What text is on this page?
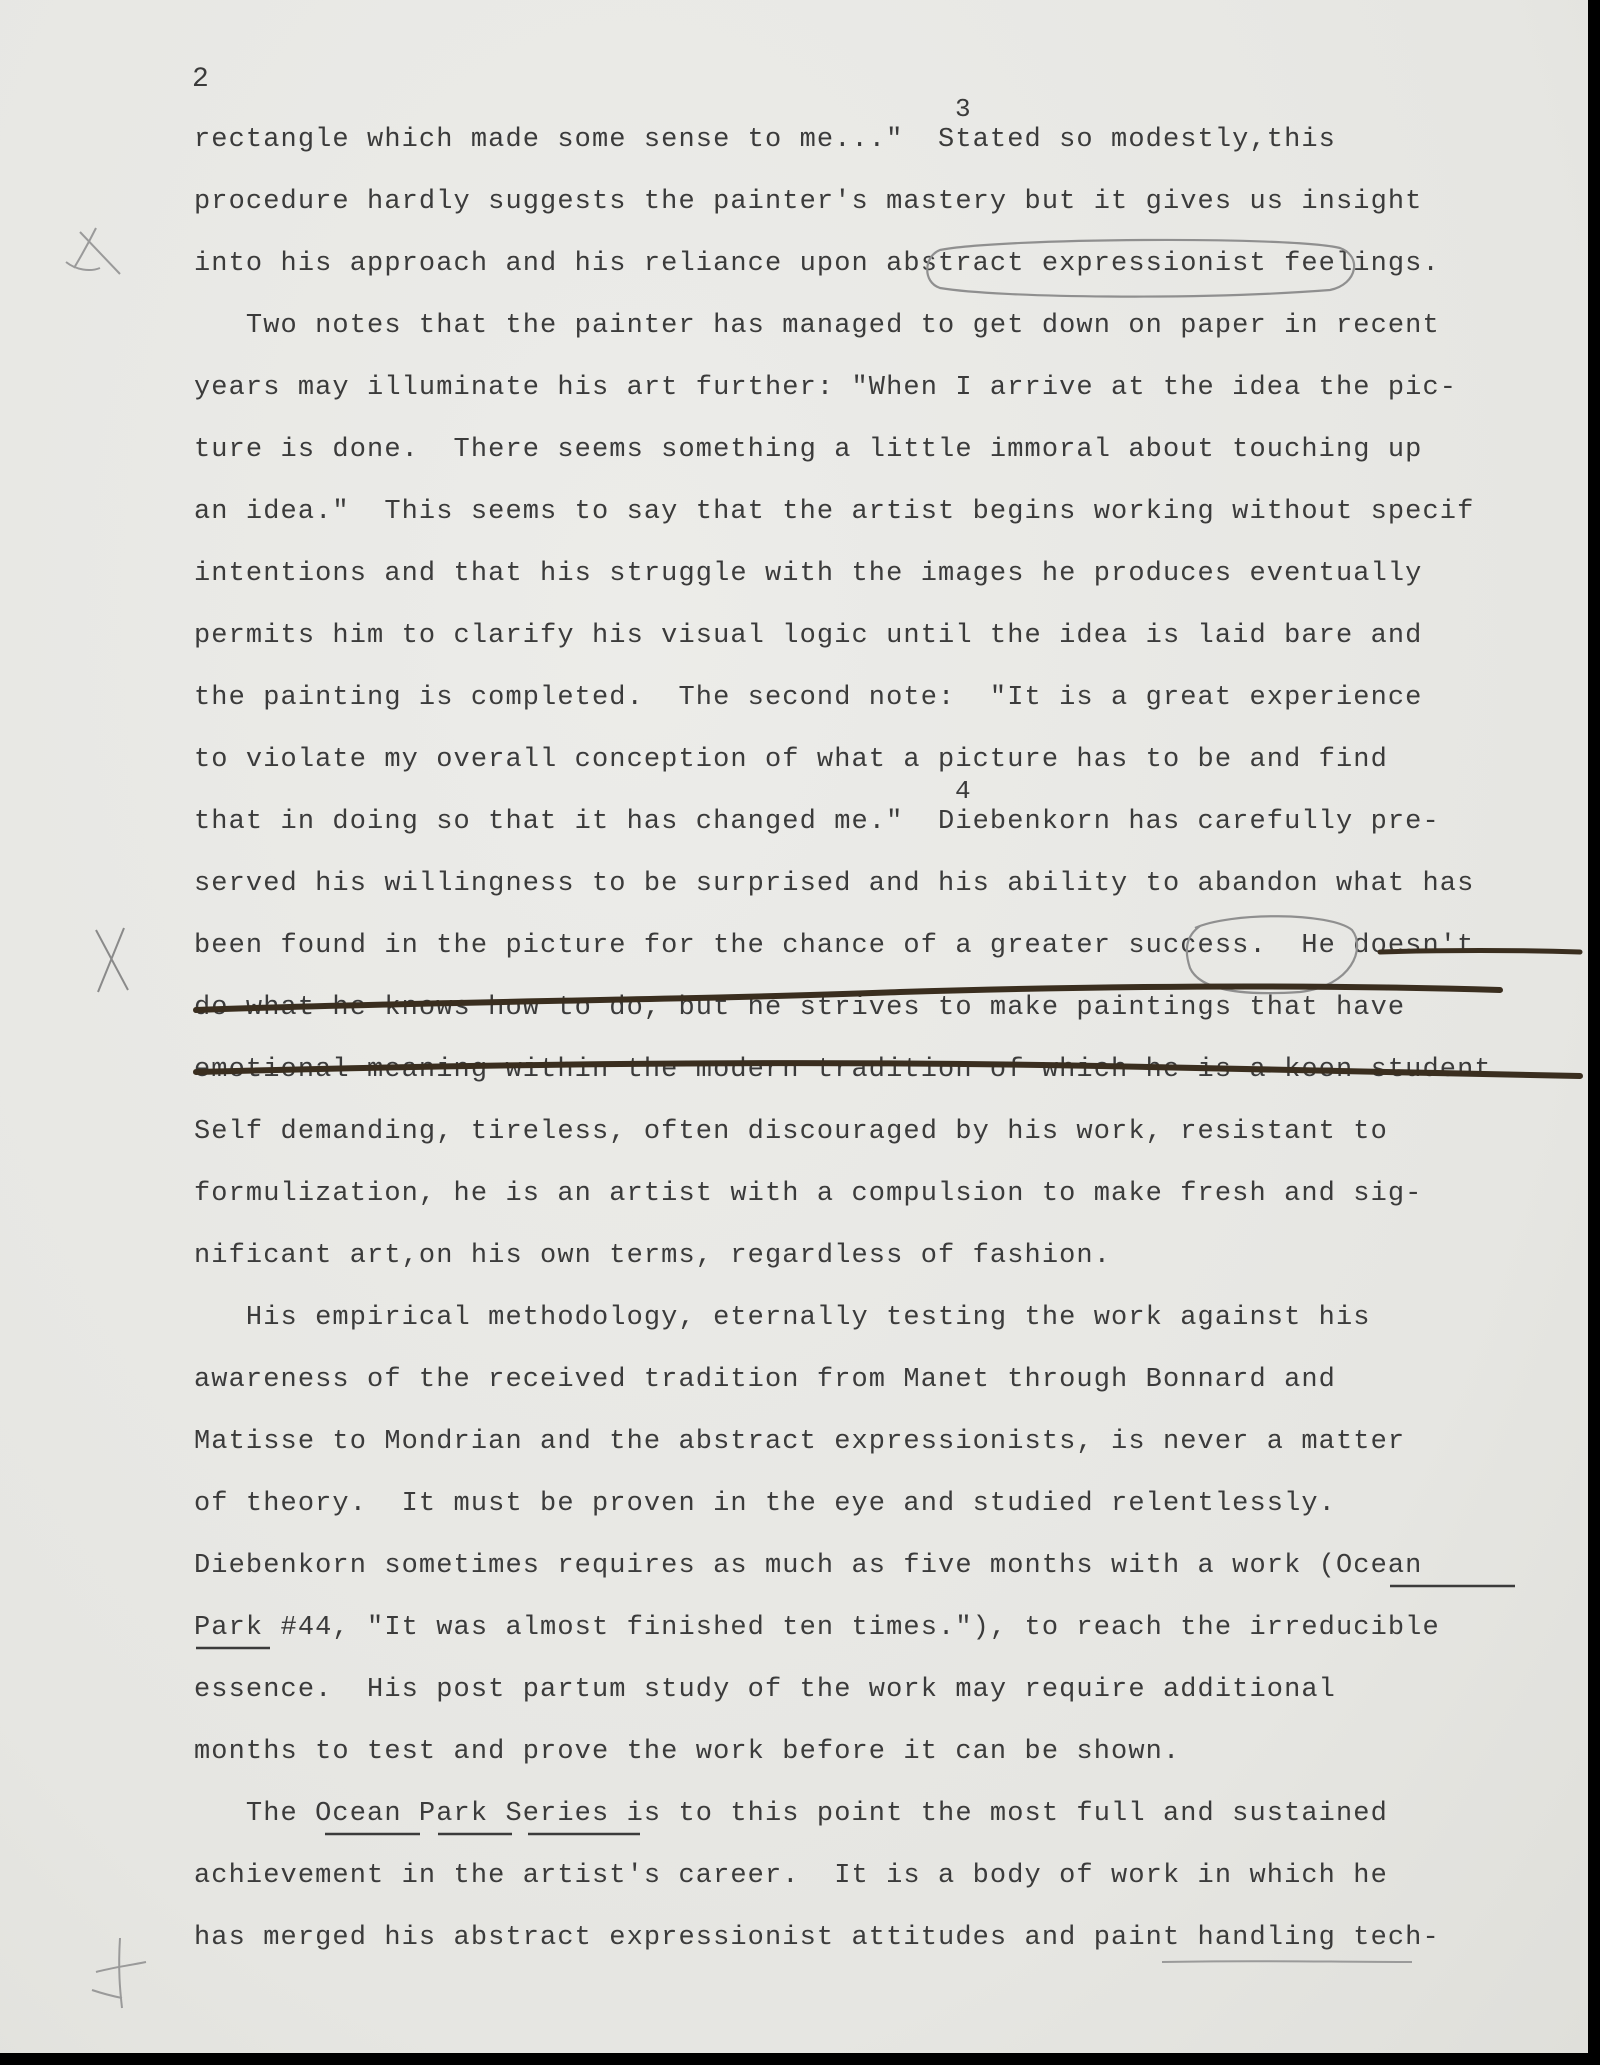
2
3
4
rectangle which made some sense to me..."  Stated so modestly,this
procedure hardly suggests the painter's mastery but it gives us insight
into his approach and his reliance upon abstract expressionist feelings.
Two notes that the painter has managed to get down on paper in recent
years may illuminate his art further: "When I arrive at the idea the pic-
ture is done.  There seems something a little immoral about touching up
an idea."  This seems to say that the artist begins working without specif
intentions and that his struggle with the images he produces eventually
permits him to clarify his visual logic until the idea is laid bare and
the painting is completed.  The second note:  "It is a great experience
to violate my overall conception of what a picture has to be and find
that in doing so that it has changed me."  Diebenkorn has carefully pre-
served his willingness to be surprised and his ability to abandon what has
been found in the picture for the chance of a greater success.  He doesn't
do what he knows how to do, but he strives to make paintings that have
emotional meaning within the modern tradition of which he is a keen student.
Self demanding, tireless, often discouraged by his work, resistant to
formulization, he is an artist with a compulsion to make fresh and sig-
nificant art,on his own terms, regardless of fashion.
His empirical methodology, eternally testing the work against his
awareness of the received tradition from Manet through Bonnard and
Matisse to Mondrian and the abstract expressionists, is never a matter
of theory.  It must be proven in the eye and studied relentlessly.
Diebenkorn sometimes requires as much as five months with a work (Ocean
Park #44, "It was almost finished ten times."), to reach the irreducible
essence.  His post partum study of the work may require additional
months to test and prove the work before it can be shown.
The Ocean Park Series is to this point the most full and sustained
achievement in the artist's career.  It is a body of work in which he
has merged his abstract expressionist attitudes and paint handling tech-
